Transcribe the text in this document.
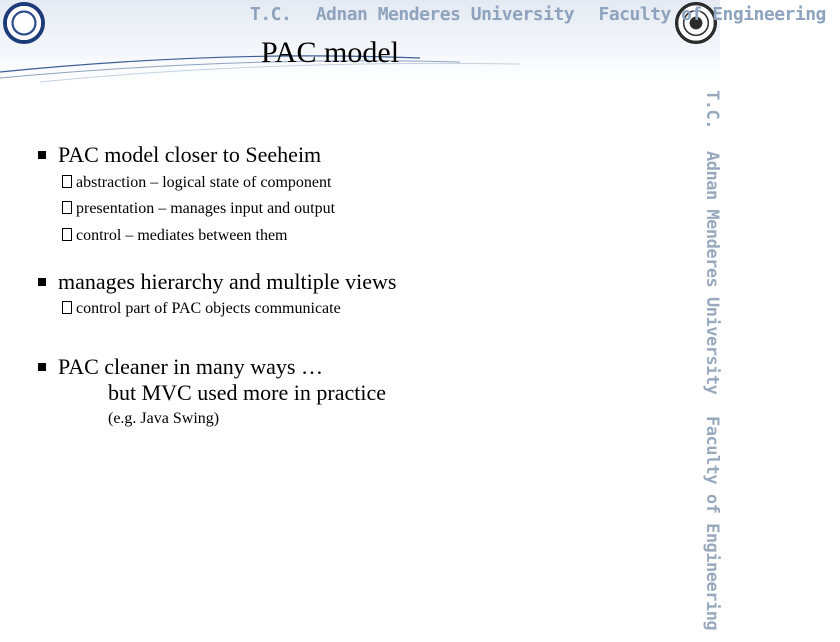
T.C. Adnan Menderes University Faculty of Engineering
T.C. Adnan Menderes University Faculty of Engineering
PAC model
PAC model closer to Seeheim
abstraction – logical state of component
presentation – manages input and output
control – mediates between them
manages hierarchy and multiple views
control part of PAC objects communicate
PAC cleaner in many ways …
but MVC used more in practice
(e.g. Java Swing)
